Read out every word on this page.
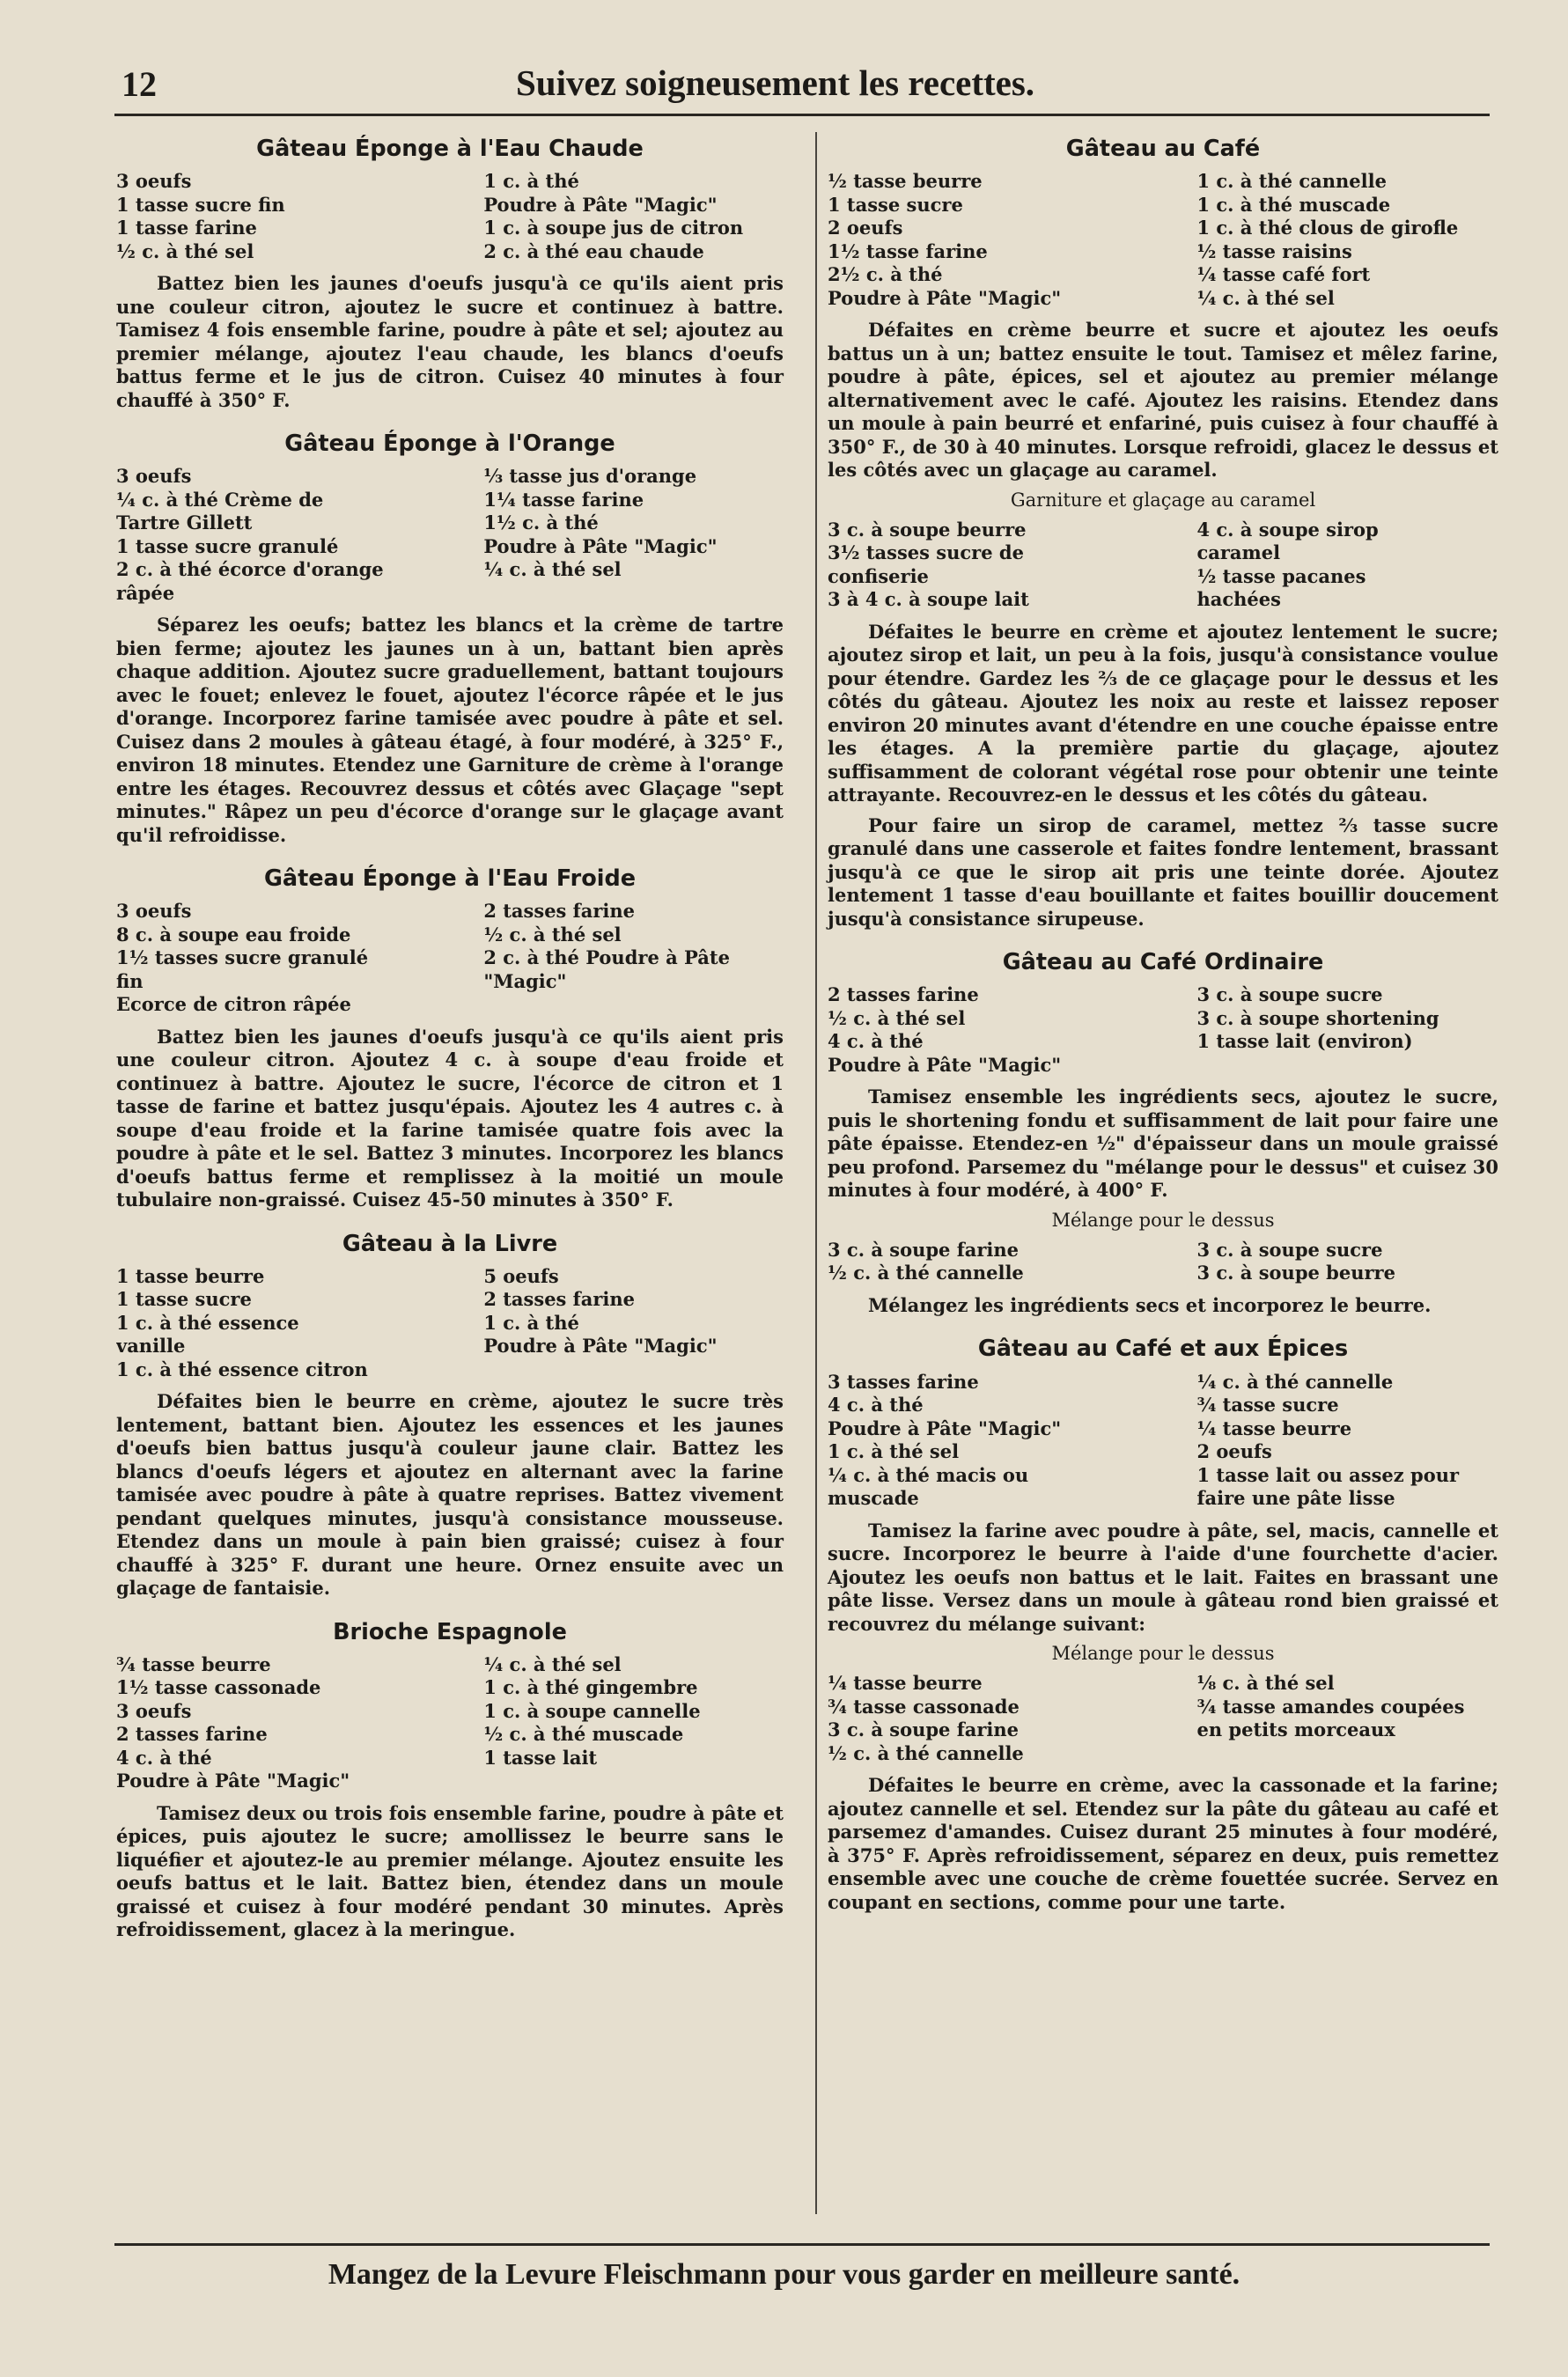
12	Suivez soigneusement les recettes.
Gâteau Éponge à l'Eau Chaude
3 oeufs	1 c. à thé
1 tasse sucre fin	Poudre à Pâte "Magic"
1 tasse farine	1 c. à soupe jus de citron
½ c. à thé sel	2 c. à thé eau chaude

Battez bien les jaunes d'oeufs jusqu'à ce qu'ils aient pris une couleur citron, ajoutez le sucre et continuez à battre. Tamisez 4 fois ensemble farine, poudre à pâte et sel; ajoutez au premier mélange, ajoutez l'eau chaude, les blancs d'oeufs battus ferme et le jus de citron. Cuisez 40 minutes à four chauffé à 350° F.

Gâteau Éponge à l'Orange
3 oeufs	⅓ tasse jus d'orange
¼ c. à thé Crème de	1¼ tasse farine
Tartre Gillett	1½ c. à thé
1 tasse sucre granulé	Poudre à Pâte "Magic"
2 c. à thé écorce d'orange	¼ c. à thé sel
râpée

Séparez les oeufs; battez les blancs et la crème de tartre bien ferme; ajoutez les jaunes un à un, battant bien après chaque addition. Ajoutez sucre graduellement, battant toujours avec le fouet; enlevez le fouet, ajoutez l'écorce râpée et le jus d'orange. Incorporez farine tamisée avec poudre à pâte et sel. Cuisez dans 2 moules à gâteau étagé, à four modéré, à 325° F., environ 18 minutes. Etendez une Garniture de crème à l'orange entre les étages. Recouvrez dessus et côtés avec Glaçage "sept minutes." Râpez un peu d'écorce d'orange sur le glaçage avant qu'il refroidisse.

Gâteau Éponge à l'Eau Froide
3 oeufs	2 tasses farine
8 c. à soupe eau froide	½ c. à thé sel
1½ tasses sucre granulé	2 c. à thé Poudre à Pâte
fin	"Magic"
Ecorce de citron râpée

Battez bien les jaunes d'oeufs jusqu'à ce qu'ils aient pris une couleur citron. Ajoutez 4 c. à soupe d'eau froide et continuez à battre. Ajoutez le sucre, l'écorce de citron et 1 tasse de farine et battez jusqu'épais. Ajoutez les 4 autres c. à soupe d'eau froide et la farine tamisée quatre fois avec la poudre à pâte et le sel. Battez 3 minutes. Incorporez les blancs d'oeufs battus ferme et remplissez à la moitié un moule tubulaire non-graissé. Cuisez 45-50 minutes à 350° F.

Gâteau à la Livre
1 tasse beurre	5 oeufs
1 tasse sucre	2 tasses farine
1 c. à thé essence	1 c. à thé
vanille	Poudre à Pâte "Magic"
1 c. à thé essence citron

Défaites bien le beurre en crème, ajoutez le sucre très lentement, battant bien. Ajoutez les essences et les jaunes d'oeufs bien battus jusqu'à couleur jaune clair. Battez les blancs d'oeufs légers et ajoutez en alternant avec la farine tamisée avec poudre à pâte à quatre reprises. Battez vivement pendant quelques minutes, jusqu'à consistance mousseuse. Etendez dans un moule à pain bien graissé; cuisez à four chauffé à 325° F. durant une heure. Ornez ensuite avec un glaçage de fantaisie.

Brioche Espagnole
¾ tasse beurre	¼ c. à thé sel
1½ tasse cassonade	1 c. à thé gingembre
3 oeufs	1 c. à soupe cannelle
2 tasses farine	½ c. à thé muscade
4 c. à thé	1 tasse lait
Poudre à Pâte "Magic"

Tamisez deux ou trois fois ensemble farine, poudre à pâte et épices, puis ajoutez le sucre; amollissez le beurre sans le liquéfier et ajoutez-le au premier mélange. Ajoutez ensuite les oeufs battus et le lait. Battez bien, étendez dans un moule graissé et cuisez à four modéré pendant 30 minutes. Après refroidissement, glacez à la meringue.

Gâteau au Café
½ tasse beurre	1 c. à thé cannelle
1 tasse sucre	1 c. à thé muscade
2 oeufs	1 c. à thé clous de girofle
1½ tasse farine	½ tasse raisins
2½ c. à thé	¼ tasse café fort
Poudre à Pâte "Magic"	¼ c. à thé sel

Défaites en crème beurre et sucre et ajoutez les oeufs battus un à un; battez ensuite le tout. Tamisez et mêlez farine, poudre à pâte, épices, sel et ajoutez au premier mélange alternativement avec le café. Ajoutez les raisins. Etendez dans un moule à pain beurré et enfariné, puis cuisez à four chauffé à 350° F., de 30 à 40 minutes. Lorsque refroidi, glacez le dessus et les côtés avec un glaçage au caramel.

Garniture et glaçage au caramel
3 c. à soupe beurre	4 c. à soupe sirop
3½ tasses sucre de	caramel
confiserie	½ tasse pacanes
3 à 4 c. à soupe lait	hachées

Défaites le beurre en crème et ajoutez lentement le sucre; ajoutez sirop et lait, un peu à la fois, jusqu'à consistance voulue pour étendre. Gardez les ⅔ de ce glaçage pour le dessus et les côtés du gâteau. Ajoutez les noix au reste et laissez reposer environ 20 minutes avant d'étendre en une couche épaisse entre les étages. A la première partie du glaçage, ajoutez suffisamment de colorant végétal rose pour obtenir une teinte attrayante. Recouvrez-en le dessus et les côtés du gâteau.

Pour faire un sirop de caramel, mettez ⅔ tasse sucre granulé dans une casserole et faites fondre lentement, brassant jusqu'à ce que le sirop ait pris une teinte dorée. Ajoutez lentement 1 tasse d'eau bouillante et faites bouillir doucement jusqu'à consistance sirupeuse.

Gâteau au Café Ordinaire
2 tasses farine	3 c. à soupe sucre
½ c. à thé sel	3 c. à soupe shortening
4 c. à thé	1 tasse lait (environ)
Poudre à Pâte "Magic"

Tamisez ensemble les ingrédients secs, ajoutez le sucre, puis le shortening fondu et suffisamment de lait pour faire une pâte épaisse. Etendez-en ½" d'épaisseur dans un moule graissé peu profond. Parsemez du "mélange pour le dessus" et cuisez 30 minutes à four modéré, à 400° F.

Mélange pour le dessus
3 c. à soupe farine	3 c. à soupe sucre
½ c. à thé cannelle	3 c. à soupe beurre

Mélangez les ingrédients secs et incorporez le beurre.

Gâteau au Café et aux Épices
3 tasses farine	¼ c. à thé cannelle
4 c. à thé	¾ tasse sucre
Poudre à Pâte "Magic"	¼ tasse beurre
1 c. à thé sel	2 oeufs
¼ c. à thé macis ou	1 tasse lait ou assez pour
muscade	faire une pâte lisse

Tamisez la farine avec poudre à pâte, sel, macis, cannelle et sucre. Incorporez le beurre à l'aide d'une fourchette d'acier. Ajoutez les oeufs non battus et le lait. Faites en brassant une pâte lisse. Versez dans un moule à gâteau rond bien graissé et recouvrez du mélange suivant:

Mélange pour le dessus
¼ tasse beurre	⅛ c. à thé sel
¾ tasse cassonade	¾ tasse amandes coupées
3 c. à soupe farine	en petits morceaux
½ c. à thé cannelle

Défaites le beurre en crème, avec la cassonade et la farine; ajoutez cannelle et sel. Etendez sur la pâte du gâteau au café et parsemez d'amandes. Cuisez durant 25 minutes à four modéré, à 375° F. Après refroidissement, séparez en deux, puis remettez ensemble avec une couche de crème fouettée sucrée. Servez en coupant en sections, comme pour une tarte.

Mangez de la Levure Fleischmann pour vous garder en meilleure santé.
